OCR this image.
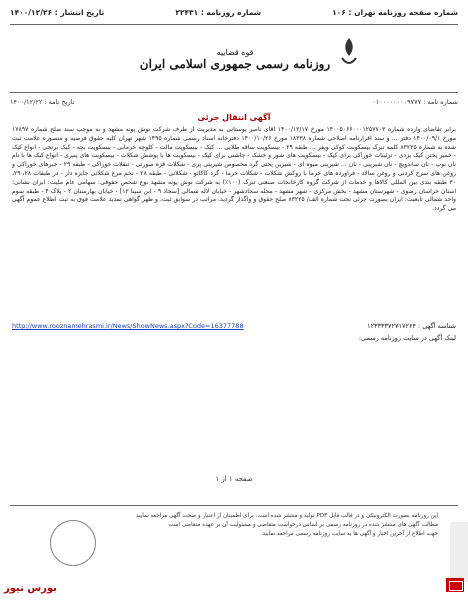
شماره صفحه روزنامه تهران : ۱۰۶
شماره روزنامه : ۲۲۴۳۱
تاریخ انتشار : ۱۴۰۰/۱۲/۲۶
قوه قضاییه
روزنامه رسمی جمهوری اسلامی ایران
شماره نامه : ۰۱۰۰۰۰۰۰۰۰۹۷۷۷
تاریخ نامه : ۱۴۰۰/۱۲/۲۲
آگهی انتقال جزئی
برابر تقاضای وارده شماره ۱۴۰۰۵۰۶۶۰۰۰۱۲۵۷۷۰۳ مورخ ۱۴۰۰/۱۲/۱۷ آقای ناصر بوستانی به مدیریت از طرف شرکت نوش پونه مشهد و به موجب سند صلح شماره ۱۷۸۹۷ مورخ ۱۴۰۰/۰۹/۱ دفتر ... و سند اقرارنامه اصلاحی شماره ۱۸۳۳۸ مورخ ۱۴۰۰/۱۰/۲۶ دفترخانه اسناد رسمی شماره ۱۴۹۵ شهر تهران کلیه حقوق فرضیه و متصوره علامت ثبت شده به شماره ۸۳۲۲۵ کلمه تبرک بیسکویت کوکی ویفر ... طبقه ۲۹ - بیسکویت ساقه طلایی ... کیک - بیسکویت مالت - کلوچه خرمایی - بیسکویت بچه - کیک برنجی - انواع کیک - خمیر پختن کیک یزدی - تزئینات خوراکی برای کیک - بیسکویت های شور و خشک - چاشنی برای کیک - بیسکویت ها با پوشش شکلات - بیسکویت های پنیری - انواع کیک ها با نام نان نوپ - نان ساندویچ - نان شیرینی - نان ... شیرینی میوه ای - شیرین پختی گرد مخصوص شیرینی پزی - شکلات قزه صورتی - تنقلات خوراکی - طبقه ۲۹ - جیرهای خوراکی و روغن های سرخ کردنی و روغن سالاد - فراورده های خرما با روکش شکلات - شکلات خرما - گرد کاکائو - شکلاتی - طبقه ۲۸ - تخم مرغ شکلاتی جایزه دار - در طبقات ۲۸، ۲۹، ۳۰ طبقه بندی بین المللی کالاها و خدمات از شرکت گروه کارخانجات صنعتی تبرک (۱۰۰٪) به شرکت نوش پونه مشهد نوع شخص حقوقی: سهامی عام ملیت: ایران نشانی: استان خراسان رضوی - شهرستان مشهد - بخش مرکزی - شهر مشهد - محله سجادشهر - خیابان لاله شمالی [سجاد ۹ - ابن سینا ۱۲] - خیابان بهارستان ۲ - پلاک ۴ - طبقه سوم واحد شمالی تابعیت: ایران بصورت جزئی تحت شماره الف/ ۸۳۲۲۵ صلح حقوق و واگذار گردید. مراتب در سوابق ثبت، و ظهر گواهی تمدید علامت فوق به ثبت اطلاع عموم آگهی می گردد.
شناسه آگهی : ۱۲۳۳۳۳۷۲۷۱۷۲۶۴
http://www.rooznamehrasmi.ir/News/ShowNews.aspx?Code=16377788
لینک آگهی در سایت روزنامه رسمی:
صفحه ۱ از ۱

این روزنامه بصورت الکترونیکی و در قالب فایل PDF تولید و منتشر شده است. برای اطمینان از اعتبار و صحت آگهی مراجعه نمایید

مطالب آگهی های منتشر شده در روزنامه رسمی بر اساس درخواست متقاضی و مسئولیت آن بر عهده متقاضی است

جهت اطلاع از آخرین اخبار و آگهی ها به سایت روزنامه رسمی مراجعه نمایید

بورس نیوز
